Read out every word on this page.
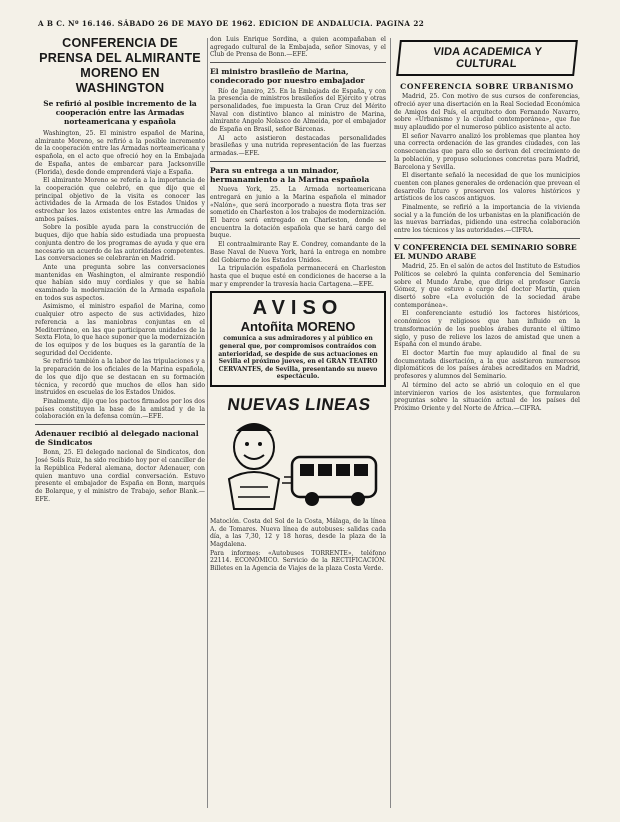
A B C. Nº 16.146. SÁBADO 26 DE MAYO DE 1962. EDICION DE ANDALUCIA. PAGINA 22
CONFERENCIA DE PRENSA DEL ALMIRANTE MORENO EN WASHINGTON
Se refirió al posible incremento de la cooperación entre las Armadas norteamericana y española

Washington, 25. El ministro español de Marina, almirante Moreno, se refirió a la posible incremento de la cooperación entre las Armadas norteamericana y española, en el acto que ofreció hoy en la Embajada de España, antes de embarcar para Jacksonville (Florida), desde donde emprenderá viaje a España.

El almirante Moreno se refería a la importancia de la cooperación que celebró, en que dijo que el principal objetivo de la visita es conocer las actividades de la Armada de los Estados Unidos y estrechar los lazos existentes entre las Armadas de ambos países.

Sobre la posible ayuda para la construcción de buques, dijo que había sido estudiada una propuesta conjunta dentro de los programas de ayuda y que era necesario un acuerdo de las autoridades competentes. Las conversaciones se celebrarán en Madrid.

Ante una pregunta sobre las conversaciones mantenidas en Washington, el almirante respondió que habían sido muy cordiales y que se había examinado la modernización de la Armada española en todos sus aspectos.

Asimismo, el ministro español de Marina, como cualquier otro aspecto de sus actividades, hizo referencia a las maniobras conjuntas en el Mediterráneo, en las que participaron unidades de la Sexta Flota, lo que hace suponer que la modernización de los equipos y de los buques es la garantía de la seguridad del Occidente.

Se refirió también a la labor de las tripulaciones y a la preparación de los oficiales de la Marina española, de los que dijo que se destacan en su formación técnica, y recordó que muchos de ellos han sido instruidos en escuelas de los Estados Unidos.

Finalmente, dijo que los pactos firmados por los dos países constituyen la base de la amistad y de la colaboración en la defensa común.—EFE.

Adenauer recibió al delegado nacional de Sindicatos

Bonn, 25. El delegado nacional de Sindicatos, don José Solís Ruiz, ha sido recibido hoy por el canciller de la República Federal alemana, doctor Adenauer, con quien mantuvo una cordial conversación. Estuvo presente el embajador de España en Bonn, marqués de Bolarque, y el ministro de Trabajo, señor Blank.—EFE.

don Luis Enrique Sordina, a quien acompañaban el agregado cultural de la Embajada, señor Sinovas, y el Club de Prensa de Bonn.—EFE.

El ministro brasileño de Marina, condecorado por nuestro embajador

Río de Janeiro, 25. En la Embajada de España, y con la presencia de ministros brasileños del Ejército y otras personalidades, fue impuesta la Gran Cruz del Mérito Naval con distintivo blanco al ministro de Marina, almirante Angelo Nolasco de Almeida, por el embajador de España en Brasil, señor Bárcenas.

Al acto asistieron destacadas personalidades brasileñas y una nutrida representación de las fuerzas armadas.—EFE.

Para su entrega a un minador, hermanamiento a la Marina española

Nueva York, 25. La Armada norteamericana entregará en junio a la Marina española el minador «Nalón», que será incorporado a nuestra flota tras ser sometido en Charleston a los trabajos de modernización. El barco será entregado en Charleston, donde se encuentra la dotación española que se hará cargo del buque.

El contraalmirante Ray E. Condrey, comandante de la Base Naval de Nueva York, hará la entrega en nombre del Gobierno de los Estados Unidos.

La tripulación española permanecerá en Charleston hasta que el buque esté en condiciones de hacerse a la mar y emprender la travesía hacia Cartagena.—EFE.

AVISO
Antoñita MORENO
comunica a sus admiradores y al público en general que, por compromisos contraídos con anterioridad, se despide de sus actuaciones en Sevilla el próximo jueves, en el GRAN TEATRO CERVANTES, de Sevilla, presentando su nuevo espectáculo.
NUEVAS LINEAS

Matoclón. Costa del Sol de la Costa, Málaga, de la línea A. de Tomares. Nueva línea de autobuses: salidas cada día, a las 7,30, 12 y 18 horas, desde la plaza de la Magdalena.

Para informes: «Autobuses TORRENTE», teléfono 22114. ECONÓMICO. Servicio de la RECTIFICACIÓN. Billetes en la Agencia de Viajes de la plaza Costa Verde.

VIDA ACADEMICA Y CULTURAL
CONFERENCIA SOBRE URBANISMO

Madrid, 25. Con motivo de sus cursos de conferencias, ofreció ayer una disertación en la Real Sociedad Económica de Amigos del País, el arquitecto don Fernando Navarro, sobre «Urbanismo y la ciudad contemporánea», que fue muy aplaudido por el numeroso público asistente al acto.

El señor Navarro analizó los problemas que plantea hoy una correcta ordenación de las grandes ciudades, con las consecuencias que para ello se derivan del crecimiento de la población, y propuso soluciones concretas para Madrid, Barcelona y Sevilla.

El disertante señaló la necesidad de que los municipios cuenten con planes generales de ordenación que prevean el desarrollo futuro y preserven los valores históricos y artísticos de los cascos antiguos.

Finalmente, se refirió a la importancia de la vivienda social y a la función de los urbanistas en la planificación de las nuevas barriadas, pidiendo una estrecha colaboración entre los técnicos y las autoridades.—CIFRA.

V CONFERENCIA DEL SEMINARIO SOBRE EL MUNDO ARABE

Madrid, 25. En el salón de actos del Instituto de Estudios Políticos se celebró la quinta conferencia del Seminario sobre el Mundo Árabe, que dirige el profesor García Gómez, y que estuvo a cargo del doctor Martín, quien disertó sobre «La evolución de la sociedad árabe contemporánea».

El conferenciante estudió los factores históricos, económicos y religiosos que han influido en la transformación de los pueblos árabes durante el último siglo, y puso de relieve los lazos de amistad que unen a España con el mundo árabe.

El doctor Martín fue muy aplaudido al final de su documentada disertación, a la que asistieron numerosos diplomáticos de los países árabes acreditados en Madrid, profesores y alumnos del Seminario.

Al término del acto se abrió un coloquio en el que intervinieron varios de los asistentes, que formularon preguntas sobre la situación actual de los países del Próximo Oriente y del Norte de África.—CIFRA.
